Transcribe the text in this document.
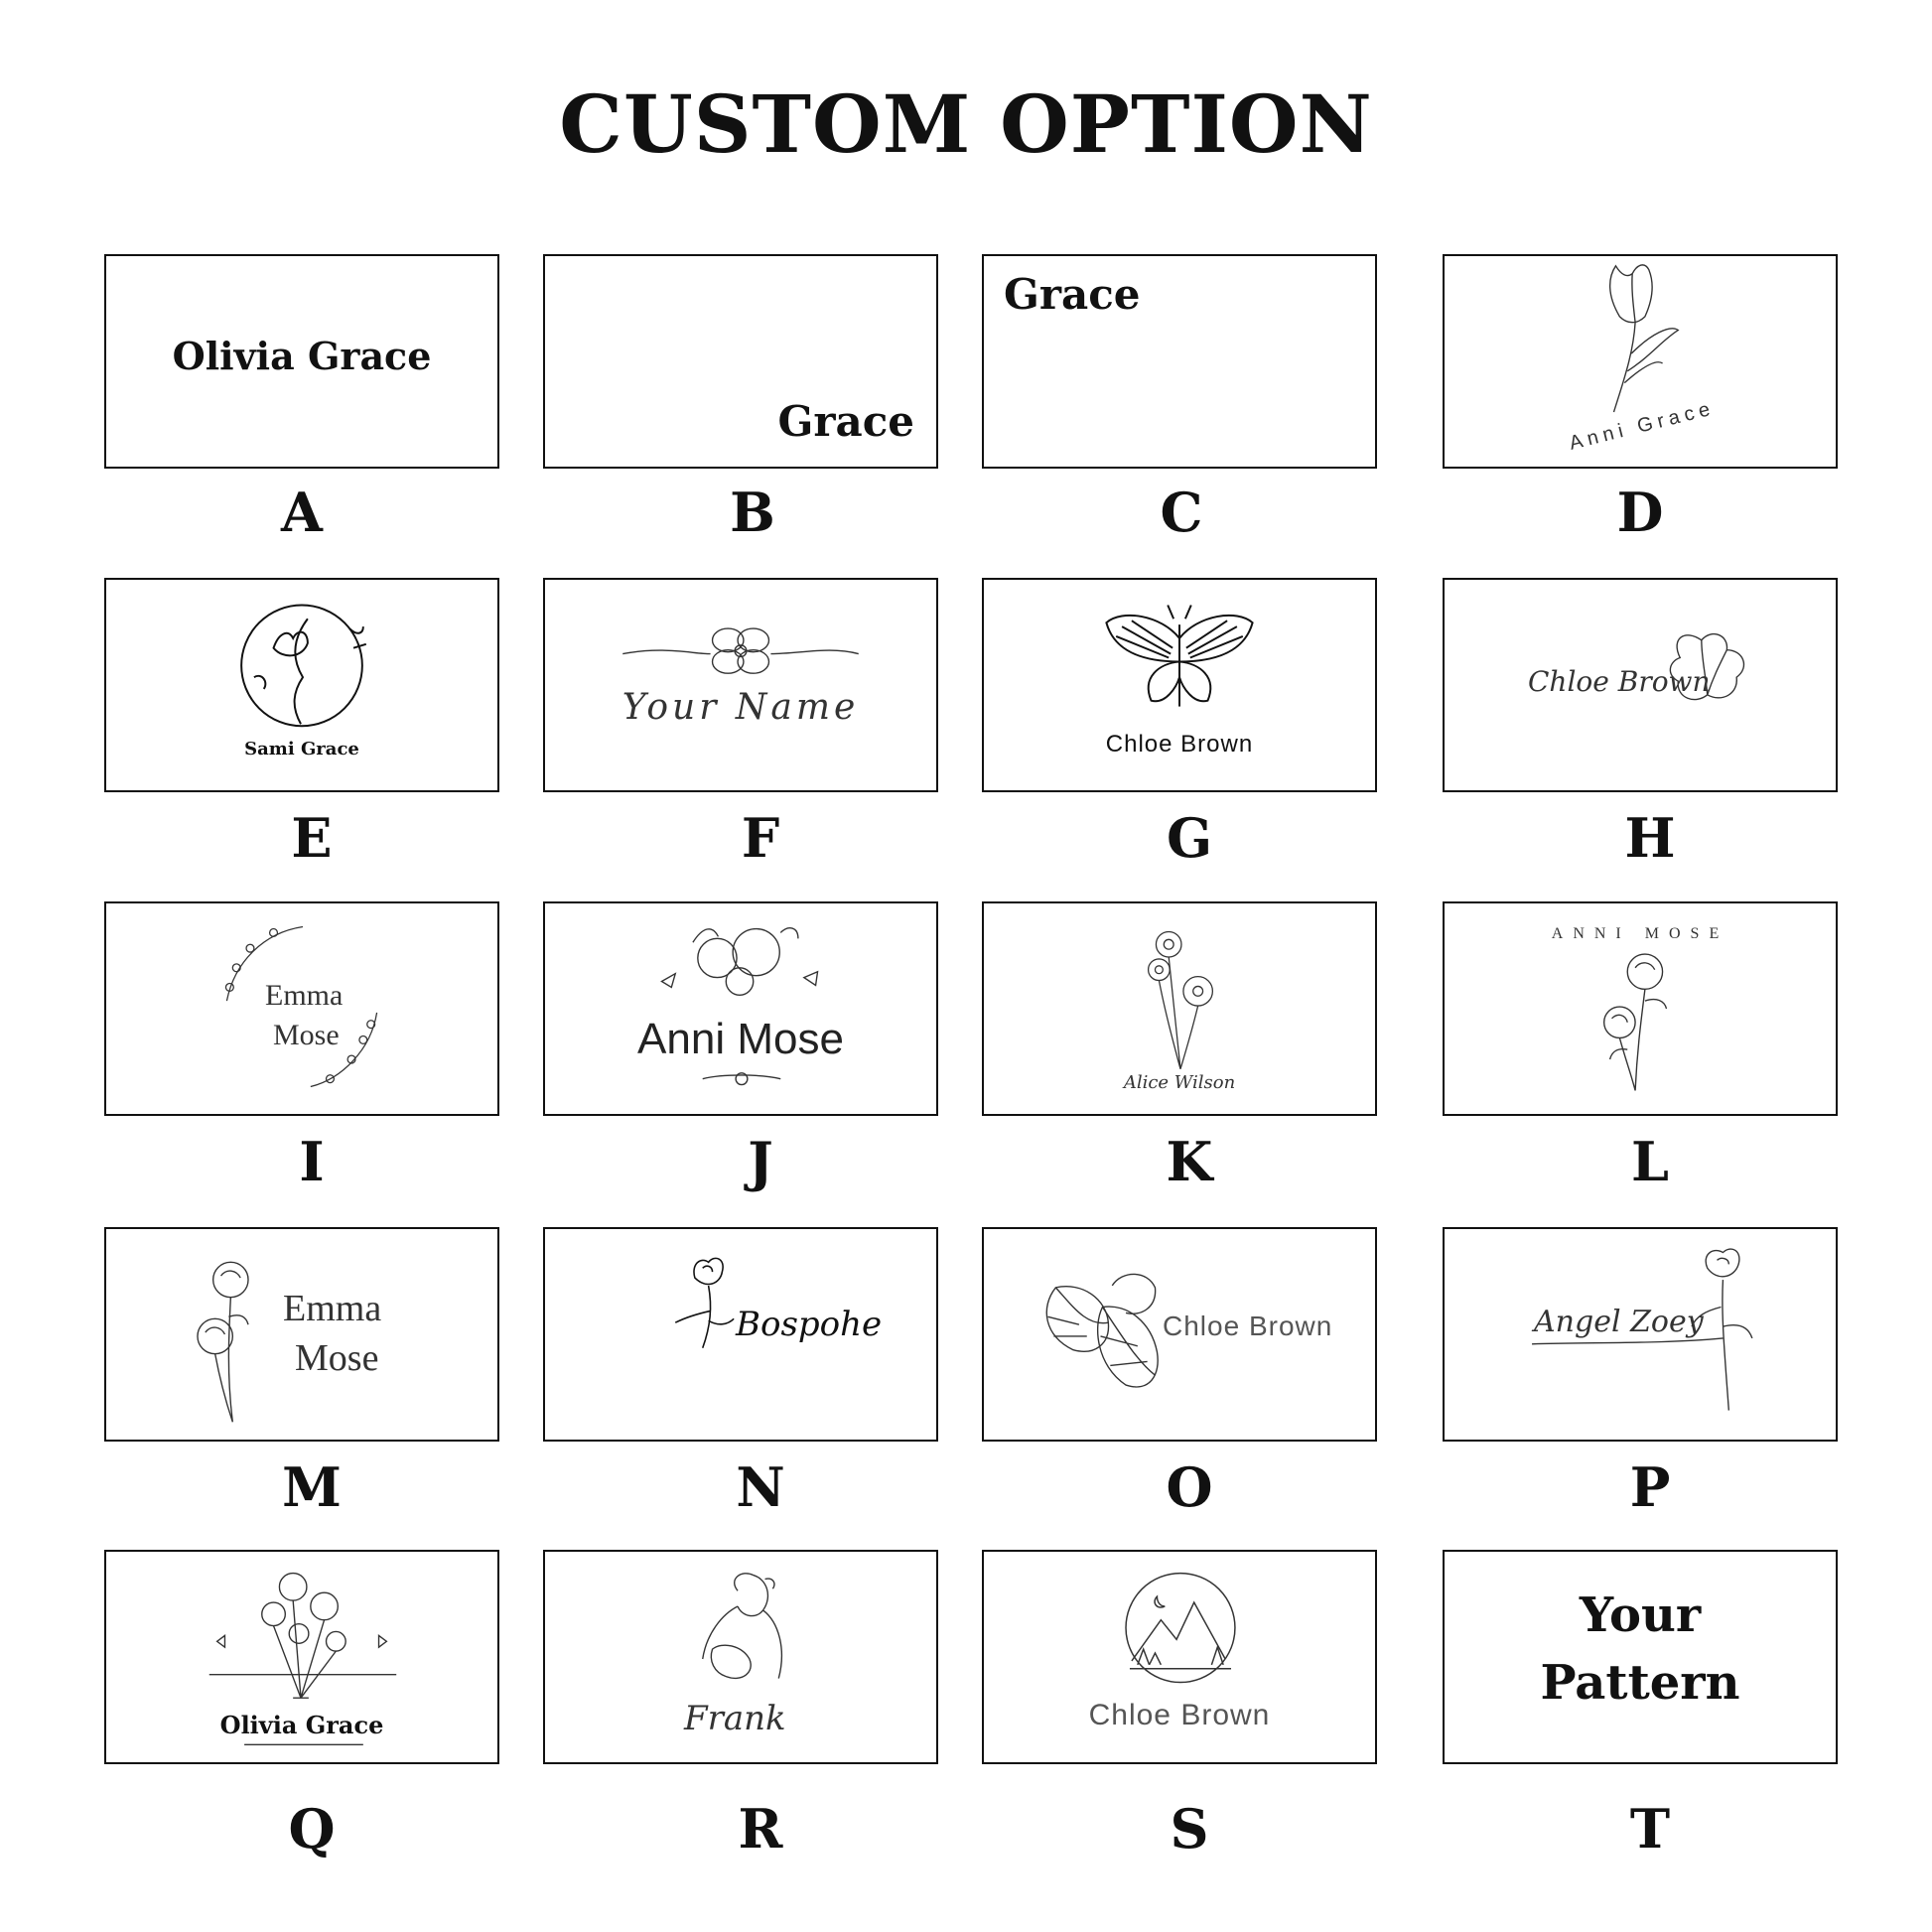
CUSTOM OPTION
Olivia Grace
A
Grace
B
Grace
C
Anni Grace
D
Sami Grace
E
Your Name
F
Chloe Brown
G
Chloe Brown
H
Emma
Mose
I
Anni Mose
J
Alice Wilson
K
ANNI MOSE
L
Emma
Mose
M
Bospohe
N
Chloe Brown
O
Angel Zoey
P
Olivia Grace
Q
Frank
R
Chloe Brown
S
Your
Pattern
T
